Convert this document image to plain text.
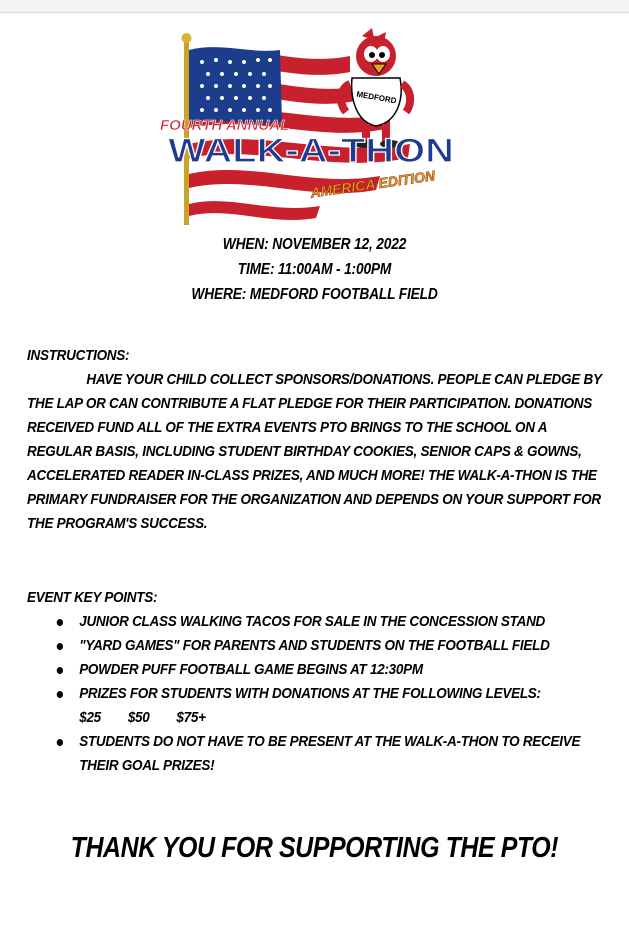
MEDFORD
FOURTH ANNUAL
WALK-A-THON
AMERICA EDITION
WHEN: NOVEMBER 12, 2022
TIME: 11:00AM - 1:00PM
WHERE: MEDFORD FOOTBALL FIELD
INSTRUCTIONS:
HAVE YOUR CHILD COLLECT SPONSORS/DONATIONS. PEOPLE CAN PLEDGE BY THE LAP OR CAN CONTRIBUTE A FLAT PLEDGE FOR THEIR PARTICIPATION. DONATIONS RECEIVED FUND ALL OF THE EXTRA EVENTS PTO BRINGS TO THE SCHOOL ON A REGULAR BASIS, INCLUDING STUDENT BIRTHDAY COOKIES, SENIOR CAPS & GOWNS, ACCELERATED READER IN-CLASS PRIZES, AND MUCH MORE! THE WALK-A-THON IS THE PRIMARY FUNDRAISER FOR THE ORGANIZATION AND DEPENDS ON YOUR SUPPORT FOR THE PROGRAM'S SUCCESS.
EVENT KEY POINTS:
JUNIOR CLASS WALKING TACOS FOR SALE IN THE CONCESSION STAND
"YARD GAMES" FOR PARENTS AND STUDENTS ON THE FOOTBALL FIELD
POWDER PUFF FOOTBALL GAME BEGINS AT 12:30PM
PRIZES FOR STUDENTS WITH DONATIONS AT THE FOLLOWING LEVELS:
$25 $50 $75+
STUDENTS DO NOT HAVE TO BE PRESENT AT THE WALK-A-THON TO RECEIVE THEIR GOAL PRIZES!
THANK YOU FOR SUPPORTING THE PTO!
